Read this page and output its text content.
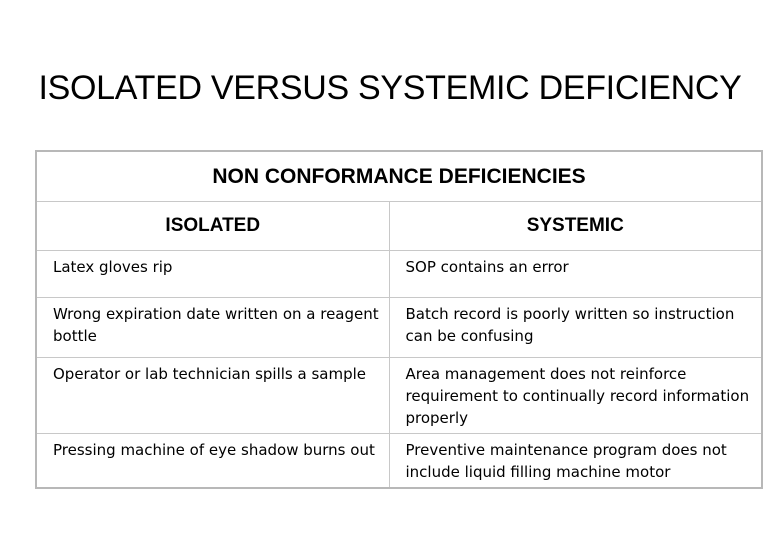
ISOLATED VERSUS SYSTEMIC DEFICIENCY
NON CONFORMANCE DEFICIENCIES	
ISOLATED	SYSTEMIC
Latex gloves rip	SOP contains an error
Wrong expiration date written on a reagent bottle	Batch record is poorly written so instruction can be confusing
Operator or lab technician spills a sample	Area management does not reinforce requirement to continually record information properly
Pressing machine of eye shadow burns out	Preventive maintenance program does not include liquid filling machine motor
